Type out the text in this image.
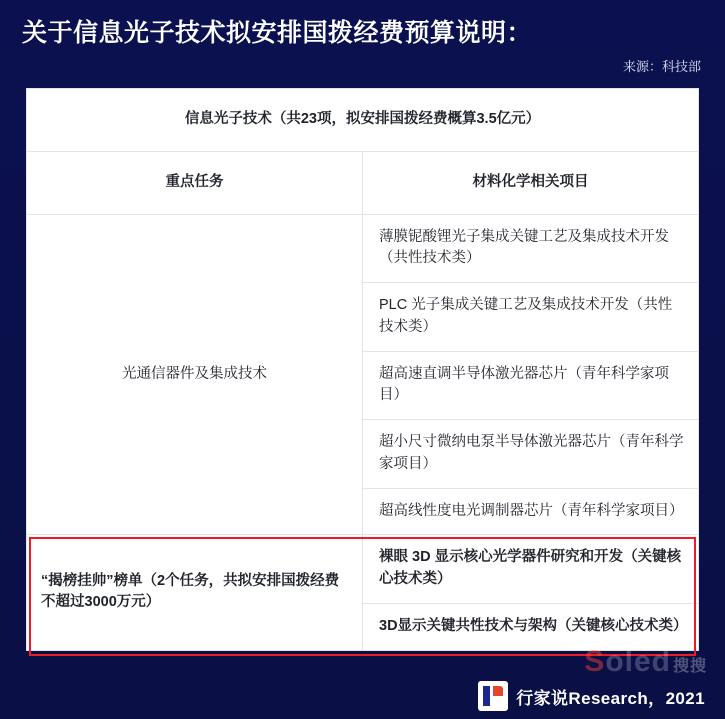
关于信息光子技术拟安排国拨经费预算说明：
来源：科技部
信息光子技术（共23项，拟安排国拨经费概算3.5亿元）	
重点任务	材料化学相关项目
光通信器件及集成技术	薄膜铌酸锂光子集成关键工艺及集成技术开发（共性技术类）
	PLC 光子集成关键工艺及集成技术开发（共性技术类）
	超高速直调半导体激光器芯片（青年科学家项目）
	超小尺寸微纳电泵半导体激光器芯片（青年科学家项目）
	超高线性度电光调制器芯片（青年科学家项目）
“揭榜挂帅”榜单（2个任务，共拟安排国拨经费不超过3000万元）	裸眼 3D 显示核心光学器件研究和开发（关键核心技术类）
	3D显示关键共性技术与架构（关键核心技术类）
Soled 搜搜
行家说Research，2021
